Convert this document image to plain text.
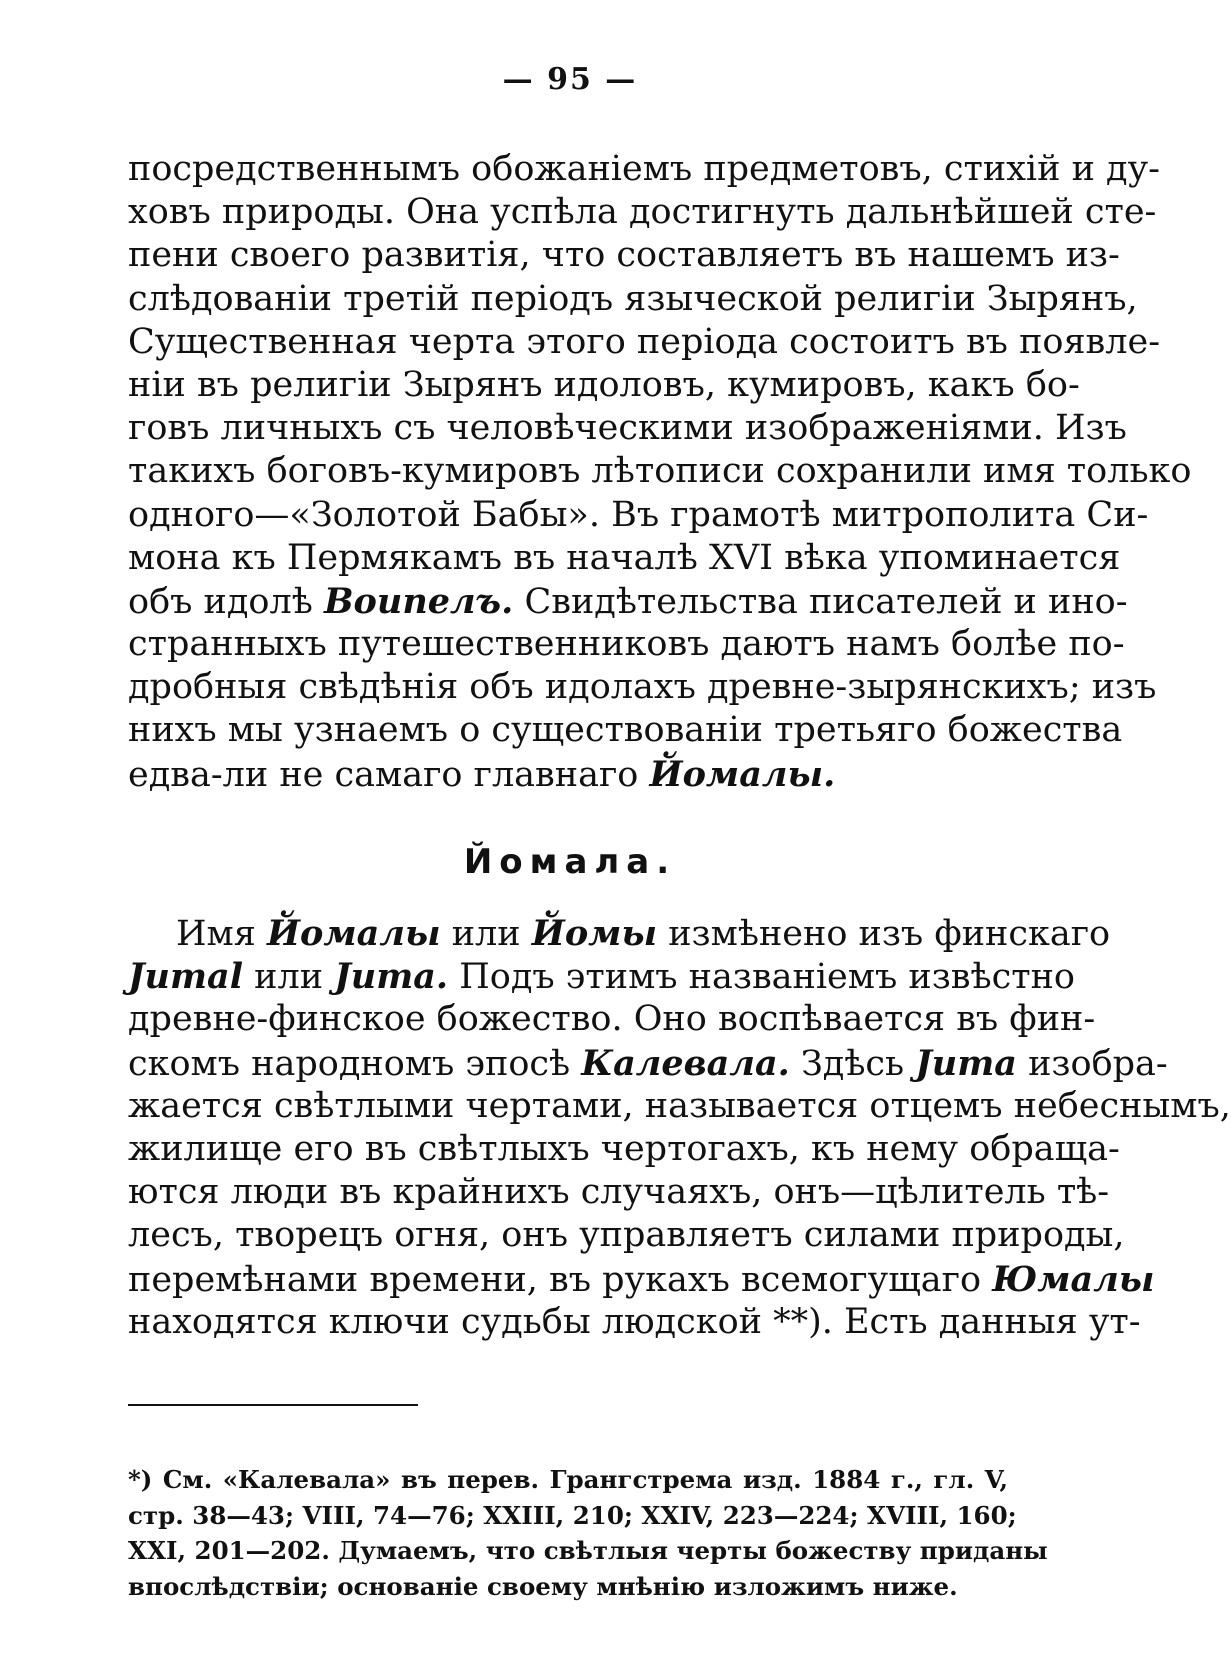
— 95 —
посредственнымъ обожаніемъ предметовъ, стихій и ду-
ховъ природы. Она успѣла достигнуть дальнѣйшей сте-
пени своего развитія, что составляетъ въ нашемъ из-
слѣдованіи третій періодъ языческой религіи Зырянъ,
Существенная черта этого періода состоитъ въ появле-
ніи въ религіи Зырянъ идоловъ, кумировъ, какъ бо-
говъ личныхъ съ человѣческими изображеніями. Изъ
такихъ боговъ-кумировъ лѣтописи сохранили имя только
одного—«Золотой Бабы». Въ грамотѣ митрополита Си-
мона къ Пермякамъ въ началѣ XVI вѣка упоминается
объ идолѣ Воипелъ. Свидѣтельства писателей и ино-
странныхъ путешественниковъ даютъ намъ болѣе по-
дробныя свѣдѣнія объ идолахъ древне-зырянскихъ; изъ
нихъ мы узнаемъ о существованіи третьяго божества
едва-ли не самаго главнаго Йомалы.
Йомала.
Имя Йомалы или Йомы измѣнено изъ финскаго
Jumal или Juma. Подъ этимъ названіемъ извѣстно
древне-финское божество. Оно воспѣвается въ фин-
скомъ народномъ эпосѣ Калевала. Здѣсь Juma изобра-
жается свѣтлыми чертами, называется отцемъ небеснымъ,
жилище его въ свѣтлыхъ чертогахъ, къ нему обраща-
ются люди въ крайнихъ случаяхъ, онъ—цѣлитель тѣ-
лесъ, творецъ огня, онъ управляетъ силами природы,
перемѣнами времени, въ рукахъ всемогущаго Юмалы
находятся ключи судьбы людской **). Есть данныя ут-
*) См. «Калевала» въ перев. Грангстрема изд. 1884 г., гл. V,
стр. 38—43; VIII, 74—76; XXIII, 210; XXIV, 223—224; XVIII, 160;
XXI, 201—202. Думаемъ, что свѣтлыя черты божеству приданы
впослѣдствіи; основаніе своему мнѣнію изложимъ ниже.
